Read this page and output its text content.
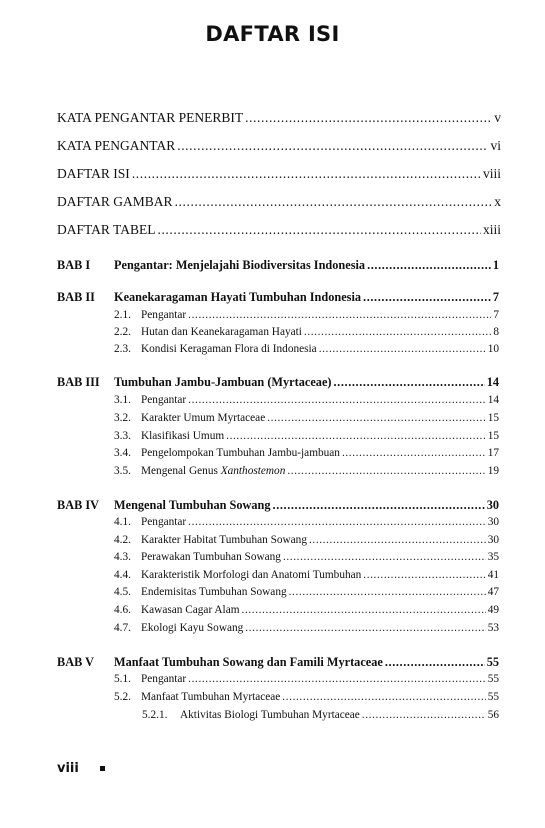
DAFTAR ISI
KATA PENGANTAR PENERBIT .....	v
KATA PENGANTAR .....	vi
DAFTAR ISI .....	viii
DAFTAR GAMBAR .....	x
DAFTAR TABEL .....	xiii
BAB I	Pengantar: Menjelajahi Biodiversitas Indonesia .....	1
BAB II	Keanekaragaman Hayati Tumbuhan Indonesia .....	7
2.1. Pengantar .....	7
2.2. Hutan dan Keanekaragaman Hayati .....	8
2.3. Kondisi Keragaman Flora di Indonesia .....	10
BAB III	Tumbuhan Jambu-Jambuan (Myrtaceae) .....	14
3.1. Pengantar .....	14
3.2. Karakter Umum Myrtaceae .....	15
3.3. Klasifikasi Umum .....	15
3.4. Pengelompokan Tumbuhan Jambu-jambuan .....	17
3.5. Mengenal Genus Xanthostemon .....	19
BAB IV	Mengenal Tumbuhan Sowang .....	30
4.1. Pengantar .....	30
4.2. Karakter Habitat Tumbuhan Sowang .....	30
4.3. Perawakan Tumbuhan Sowang .....	35
4.4. Karakteristik Morfologi dan Anatomi Tumbuhan .....	41
4.5. Endemisitas Tumbuhan Sowang .....	47
4.6. Kawasan Cagar Alam .....	49
4.7. Ekologi Kayu Sowang .....	53
BAB V	Manfaat Tumbuhan Sowang dan Famili Myrtaceae .....	55
5.1. Pengantar .....	55
5.2. Manfaat Tumbuhan Myrtaceae .....	55
5.2.1.	Aktivitas Biologi Tumbuhan Myrtaceae .....	56
viii
